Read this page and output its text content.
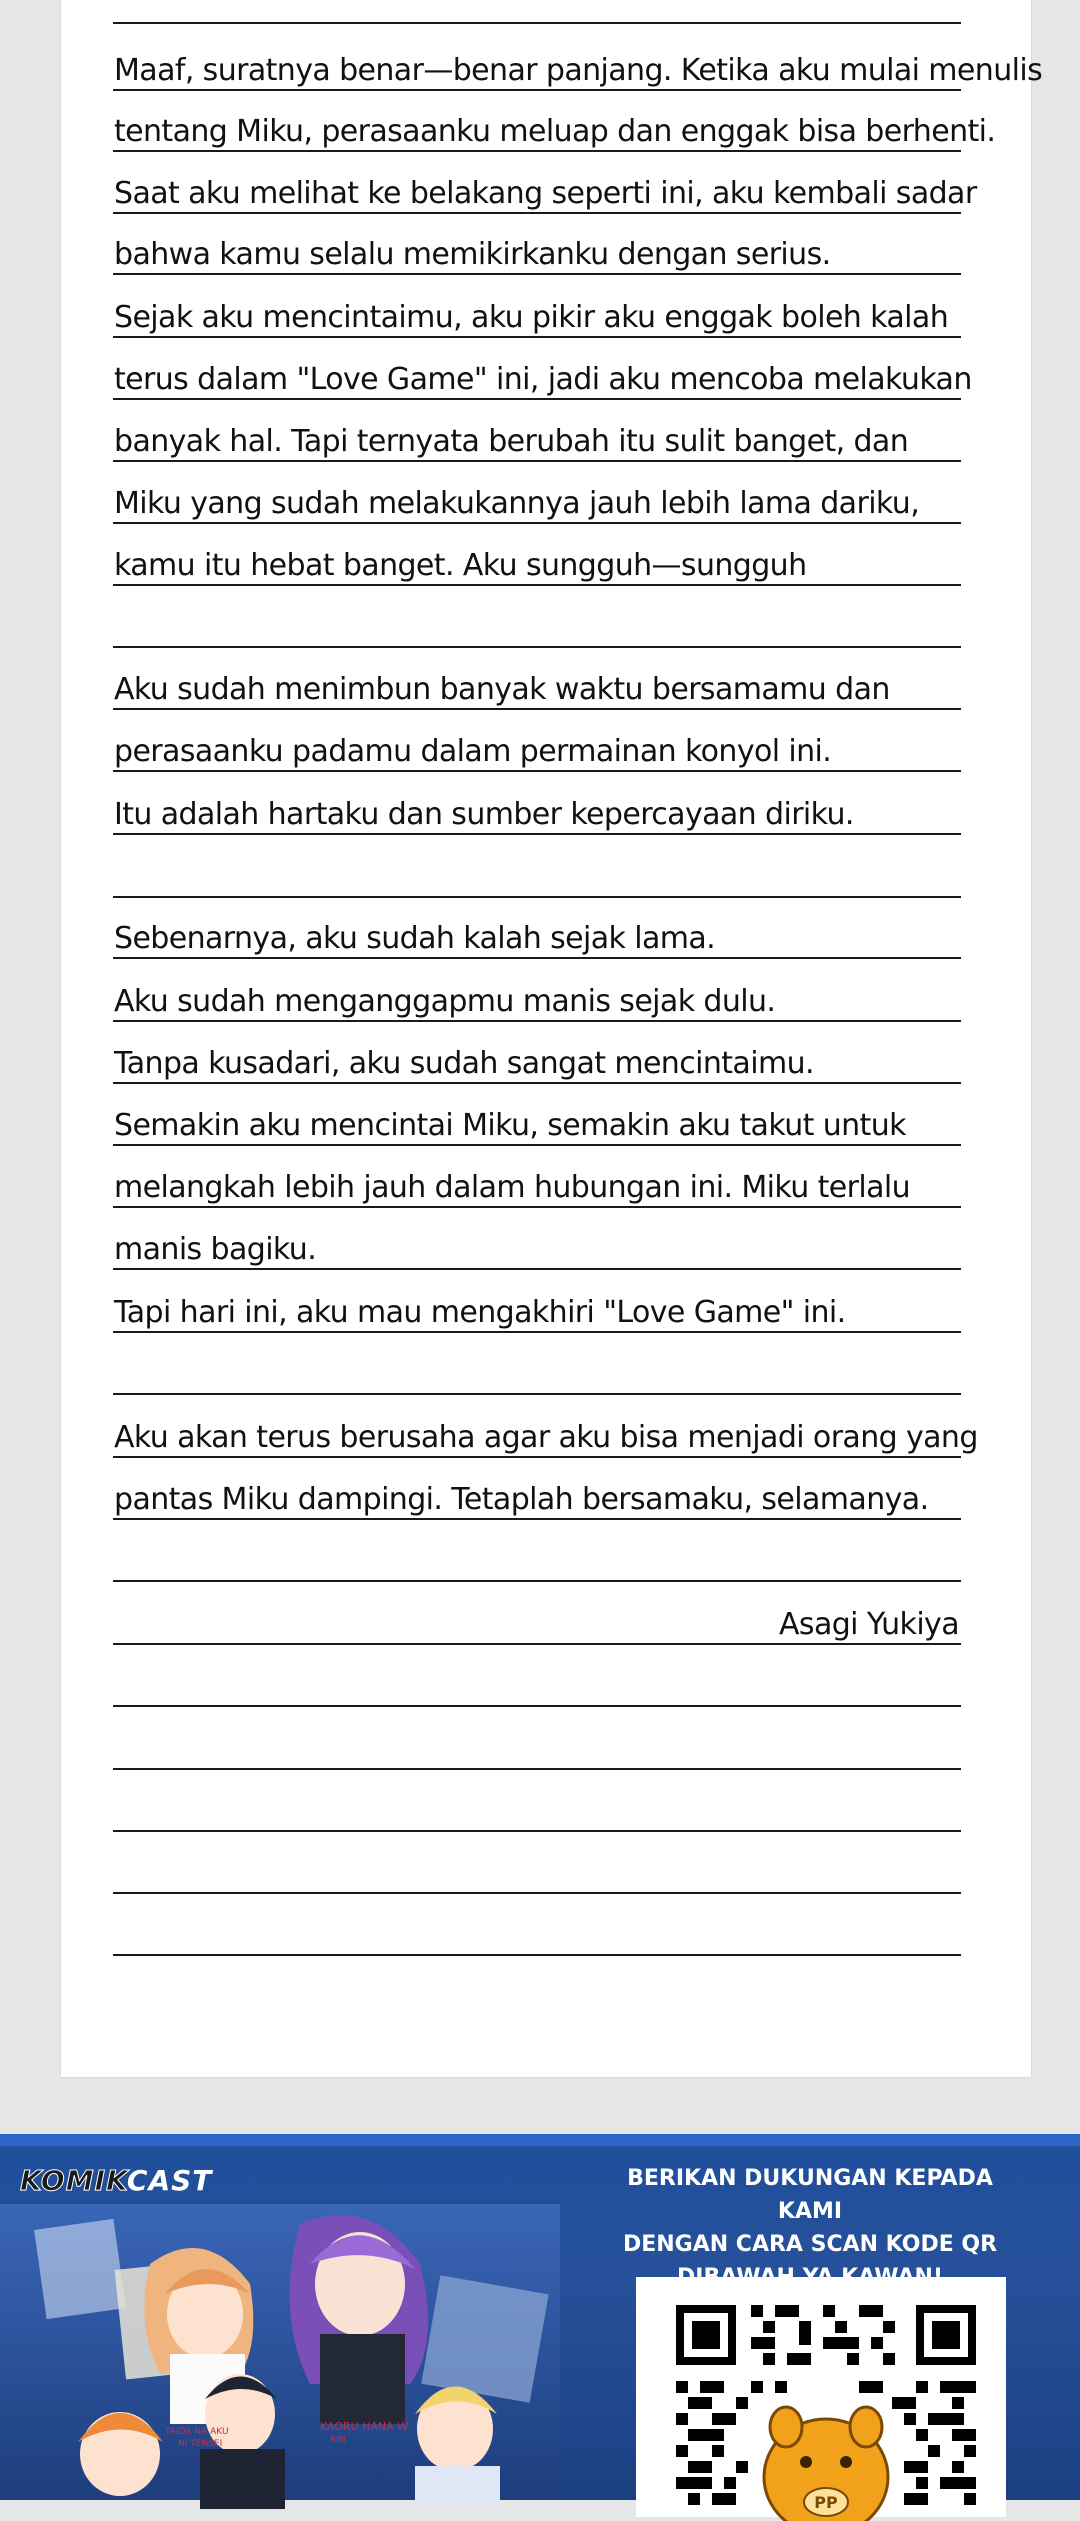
Maaf, suratnya benar—benar panjang. Ketika aku mulai menulis
tentang Miku, perasaanku meluap dan enggak bisa berhenti.
Saat aku melihat ke belakang seperti ini, aku kembali sadar
bahwa kamu selalu memikirkanku dengan serius.
Sejak aku mencintaimu, aku pikir aku enggak boleh kalah
terus dalam "Love Game" ini, jadi aku mencoba melakukan
banyak hal. Tapi ternyata berubah itu sulit banget, dan
Miku yang sudah melakukannya jauh lebih lama dariku,
kamu itu hebat banget. Aku sungguh—sungguh
Aku sudah menimbun banyak waktu bersamamu dan
perasaanku padamu dalam permainan konyol ini.
Itu adalah hartaku dan sumber kepercayaan diriku.
Sebenarnya, aku sudah kalah sejak lama.
Aku sudah menganggapmu manis sejak dulu.
Tanpa kusadari, aku sudah sangat mencintaimu.
Semakin aku mencintai Miku, semakin aku takut untuk
melangkah lebih jauh dalam hubungan ini. Miku terlalu
manis bagiku.
Tapi hari ini, aku mau mengakhiri "Love Game" ini.
Aku akan terus berusaha agar aku bisa menjadi orang yang
pantas Miku dampingi. Tetaplah bersamaku, selamanya.
Asagi Yukiya
KOMIKCAST	BERIKAN DUKUNGAN KEPADA KAMI
DENGAN CARA SCAN KODE QR
TAIDA NA AKU
NI TENSEI
KAORU HANA W
RIN
PP
